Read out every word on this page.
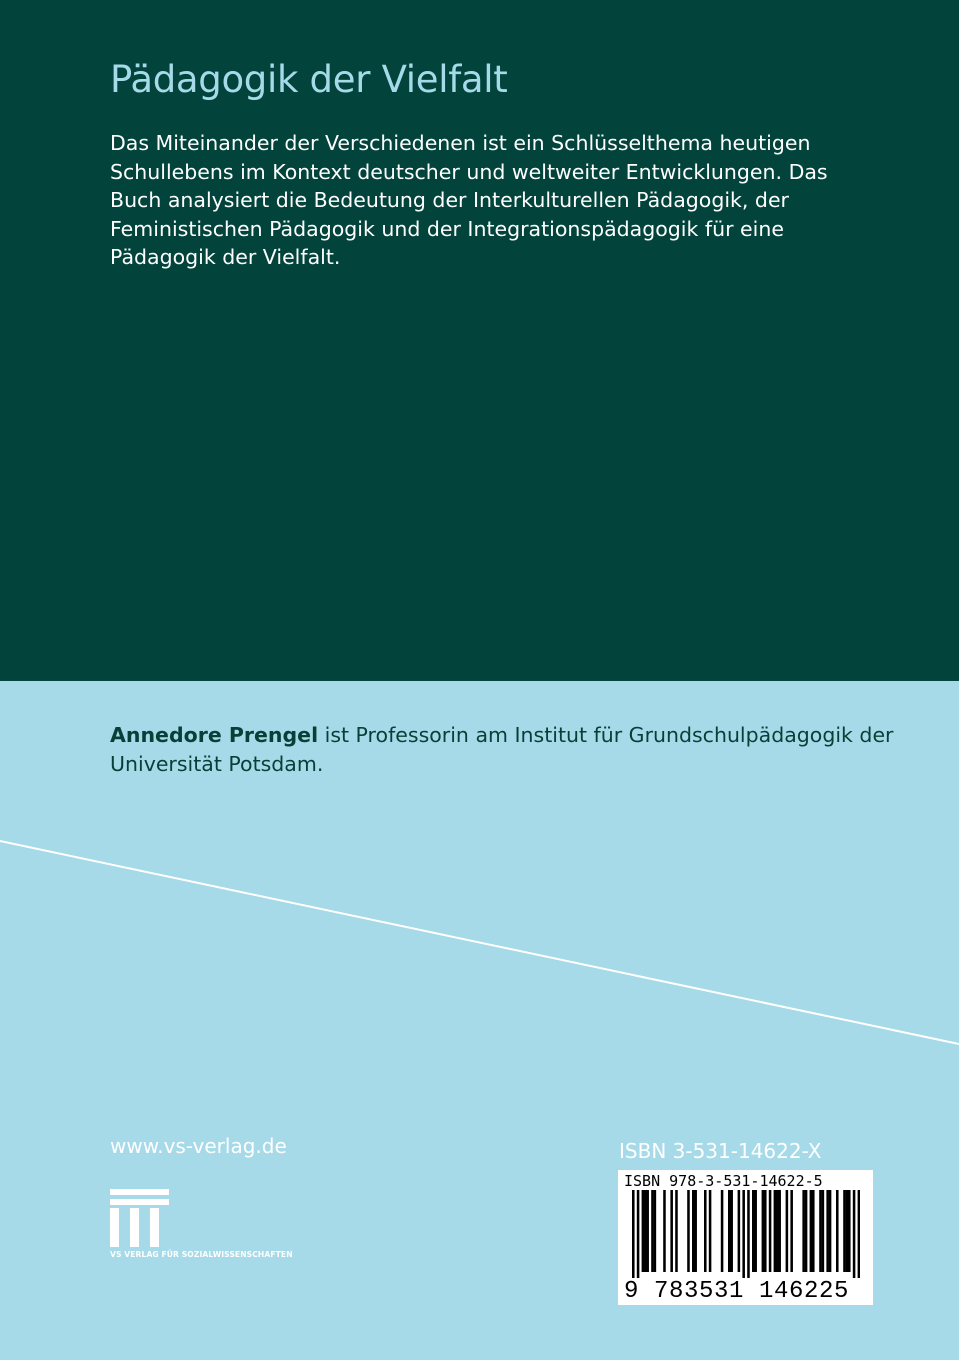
Pädagogik der Vielfalt

Das Miteinander der Verschiedenen ist ein Schlüsselthema heutigen Schullebens im Kontext deutscher und weltweiter Entwicklungen. Das Buch analysiert die Bedeutung der Interkulturellen Pädagogik, der Feministischen Pädagogik und der Integrationspädagogik für eine Pädagogik der Vielfalt.

Annedore Prengel ist Professorin am Institut für Grundschulpädagogik der Universität Potsdam.

www.vs-verlag.de
VS VERLAG FÜR SOZIALWISSENSCHAFTEN
ISBN 3-531-14622-X
ISBN 978-3-531-14622-5
9 783531 146225
